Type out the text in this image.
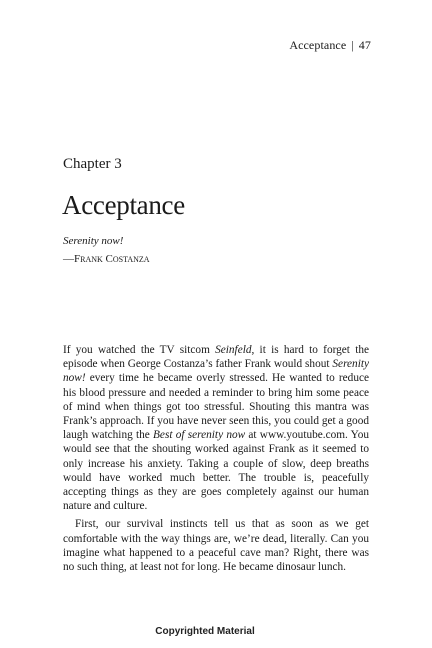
Acceptance | 47
Chapter 3
Acceptance
Serenity now!
—Frank Costanza

If you watched the TV sitcom Seinfeld, it is hard to forget the episode when George Costanza’s father Frank would shout Serenity now! every time he became overly stressed. He wanted to reduce his blood pressure and needed a reminder to bring him some peace of mind when things got too stressful. Shouting this mantra was Frank’s approach. If you have never seen this, you could get a good laugh watching the Best of serenity now at www.youtube.com. You would see that the shouting worked against Frank as it seemed to only increase his anxiety. Taking a couple of slow, deep breaths would have worked much better. The trouble is, peacefully accepting things as they are goes completely against our human nature and culture.

First, our survival instincts tell us that as soon as we get comfortable with the way things are, we’re dead, literally. Can you imagine what happened to a peaceful cave man? Right, there was no such thing, at least not for long. He became dinosaur lunch.

Copyrighted Material
